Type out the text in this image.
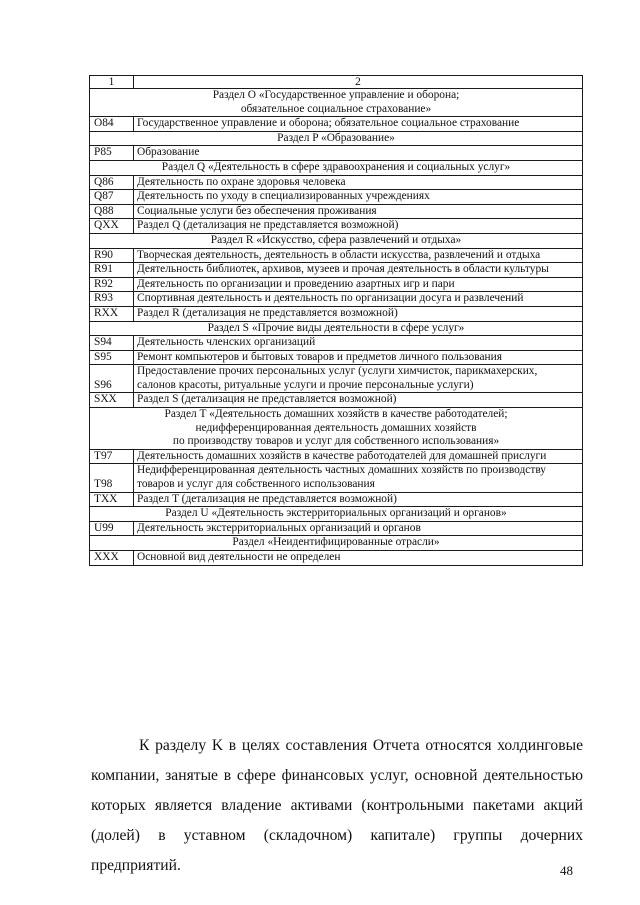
1	2
Раздел O «Государственное управление и оборона;
обязательное социальное страхование»	
O84	Государственное управление и оборона; обязательное социальное страхование
Раздел P «Образование»	
P85	Образование
Раздел Q «Деятельность в сфере здравоохранения и социальных услуг»	
Q86	Деятельность по охране здоровья человека
Q87	Деятельность по уходу в специализированных учреждениях
Q88	Социальные услуги без обеспечения проживания
QXX	Раздел Q (детализация не представляется возможной)
Раздел R «Искусство, сфера развлечений и отдыха»	
R90	Творческая деятельность, деятельность в области искусства, развлечений и отдыха
R91	Деятельность библиотек, архивов, музеев и прочая деятельность в области культуры
R92	Деятельность по организации и проведению азартных игр и пари
R93	Спортивная деятельность и деятельность по организации досуга и развлечений
RXX	Раздел R (детализация не представляется возможной)
Раздел S «Прочие виды деятельности в сфере услуг»	
S94	Деятельность членских организаций
S95	Ремонт компьютеров и бытовых товаров и предметов личного пользования
S96	Предоставление прочих персональных услуг (услуги химчисток, парикмахерских, салонов красоты, ритуальные услуги и прочие персональные услуги)
SXX	Раздел S (детализация не представляется возможной)
Раздел T «Деятельность домашних хозяйств в качестве работодателей;
недифференцированная деятельность домашних хозяйств
по производству товаров и услуг для собственного использования»	
T97	Деятельность домашних хозяйств в качестве работодателей для домашней прислуги
T98	Недифференцированная деятельность частных домашних хозяйств по производству товаров и услуг для собственного использования
TXX	Раздел T (детализация не представляется возможной)
Раздел U «Деятельность экстерриториальных организаций и органов»	
U99	Деятельность экстерриториальных организаций и органов
Раздел «Неидентифицированные отрасли»	
XXX	Основной вид деятельности не определен
К разделу K в целях составления Отчета относятся холдинговые компании, занятые в сфере финансовых услуг, основной деятельностью которых является владение активами (контрольными пакетами акций (долей) в уставном (складочном) капитале) группы дочерних предприятий.	48
